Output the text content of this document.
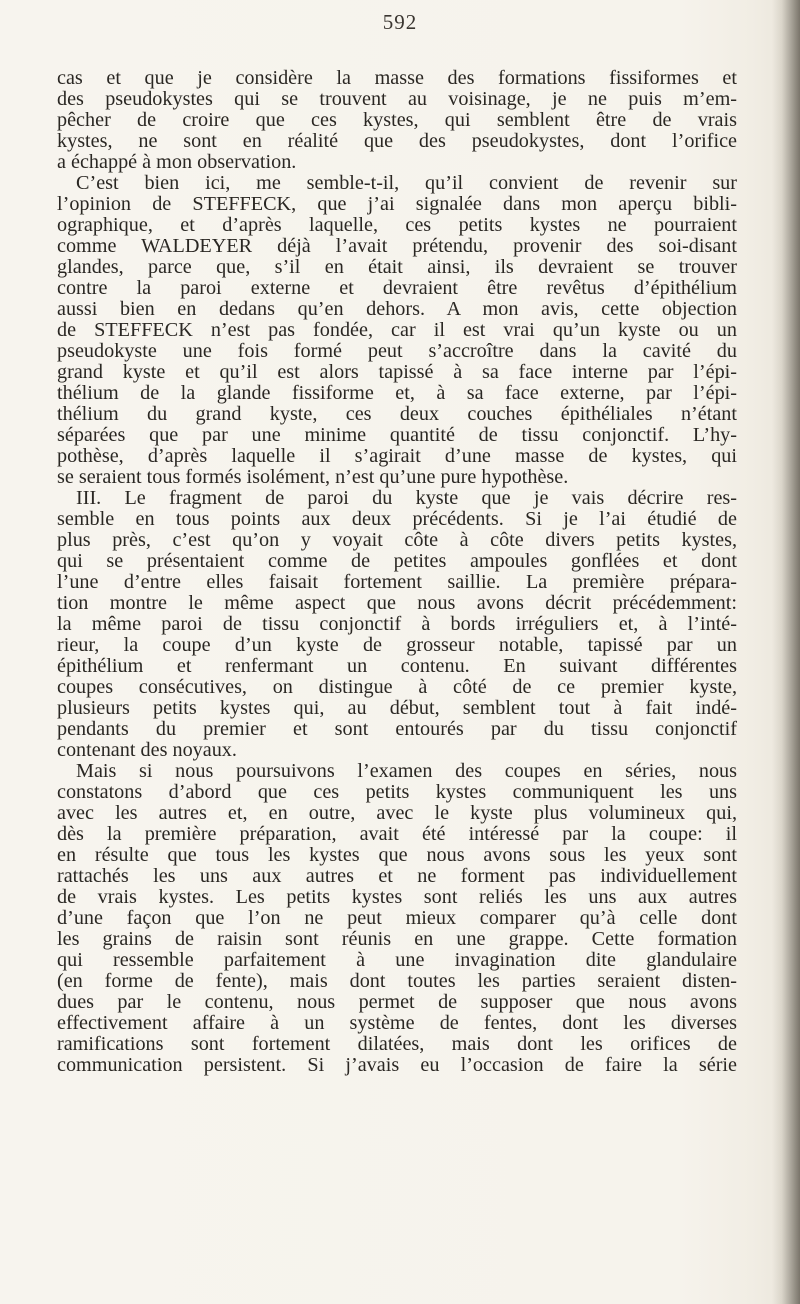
592
cas et que je considère la masse des formations fissiformes et
des pseudokystes qui se trouvent au voisinage, je ne puis m’em-
pêcher de croire que ces kystes, qui semblent être de vrais
kystes, ne sont en réalité que des pseudokystes, dont l’orifice
a échappé à mon observation.
C’est bien ici, me semble-t-il, qu’il convient de revenir sur
l’opinion de STEFFECK, que j’ai signalée dans mon aperçu bibli-
ographique, et d’après laquelle, ces petits kystes ne pourraient
comme WALDEYER déjà l’avait prétendu, provenir des soi-disant
glandes, parce que, s’il en était ainsi, ils devraient se trouver
contre la paroi externe et devraient être revêtus d’épithélium
aussi bien en dedans qu’en dehors. A mon avis, cette objection
de STEFFECK n’est pas fondée, car il est vrai qu’un kyste ou un
pseudokyste une fois formé peut s’accroître dans la cavité du
grand kyste et qu’il est alors tapissé à sa face interne par l’épi-
thélium de la glande fissiforme et, à sa face externe, par l’épi-
thélium du grand kyste, ces deux couches épithéliales n’étant
séparées que par une minime quantité de tissu conjonctif. L’hy-
pothèse, d’après laquelle il s’agirait d’une masse de kystes, qui
se seraient tous formés isolément, n’est qu’une pure hypothèse.
III. Le fragment de paroi du kyste que je vais décrire res-
semble en tous points aux deux précédents. Si je l’ai étudié de
plus près, c’est qu’on y voyait côte à côte divers petits kystes,
qui se présentaient comme de petites ampoules gonflées et dont
l’une d’entre elles faisait fortement saillie. La première prépara-
tion montre le même aspect que nous avons décrit précédemment:
la même paroi de tissu conjonctif à bords irréguliers et, à l’inté-
rieur, la coupe d’un kyste de grosseur notable, tapissé par un
épithélium et renfermant un contenu. En suivant différentes
coupes consécutives, on distingue à côté de ce premier kyste,
plusieurs petits kystes qui, au début, semblent tout à fait indé-
pendants du premier et sont entourés par du tissu conjonctif
contenant des noyaux.
Mais si nous poursuivons l’examen des coupes en séries, nous
constatons d’abord que ces petits kystes communiquent les uns
avec les autres et, en outre, avec le kyste plus volumineux qui,
dès la première préparation, avait été intéressé par la coupe: il
en résulte que tous les kystes que nous avons sous les yeux sont
rattachés les uns aux autres et ne forment pas individuellement
de vrais kystes. Les petits kystes sont reliés les uns aux autres
d’une façon que l’on ne peut mieux comparer qu’à celle dont
les grains de raisin sont réunis en une grappe. Cette formation
qui ressemble parfaitement à une invagination dite glandulaire
(en forme de fente), mais dont toutes les parties seraient disten-
dues par le contenu, nous permet de supposer que nous avons
effectivement affaire à un système de fentes, dont les diverses
ramifications sont fortement dilatées, mais dont les orifices de
communication persistent. Si j’avais eu l’occasion de faire la série
